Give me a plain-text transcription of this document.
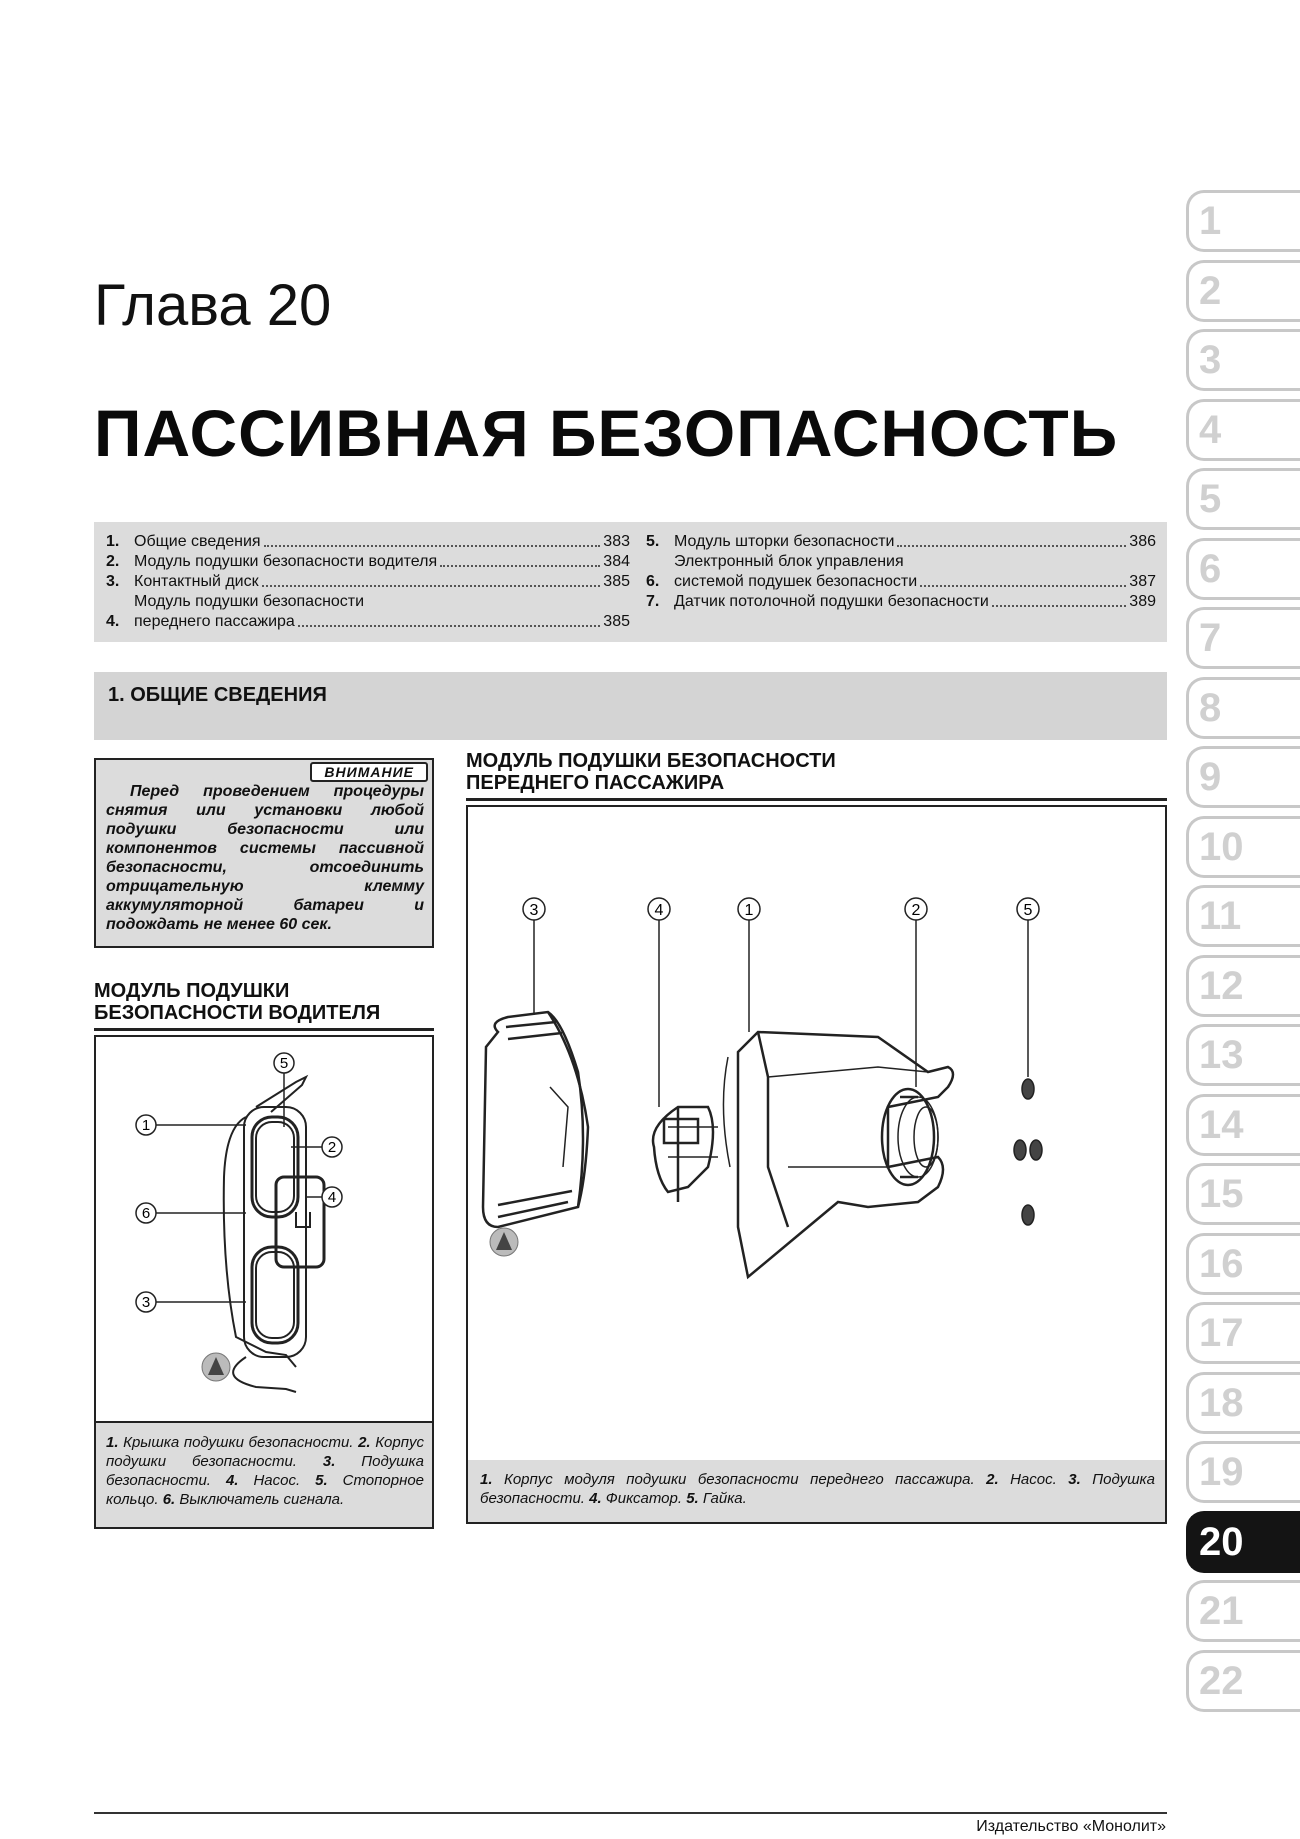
1
2
3
4
5
6
7
8
9
10
11
12
13
14
15
16
17
18
19
20
21
22
Глава 20
ПАССИВНАЯ БЕЗОПАСНОСТЬ
1. Общие сведения	383
2. Модуль подушки безопасности водителя	384
3. Контактный диск	385
4.
Модуль подушки безопасности
переднего пассажира	385
5. Модуль шторки безопасности	386
6.
Электронный блок управления
системой подушек безопасности	387
7. Датчик потолочной подушки безопасности	389
1. ОБЩИЕ СВЕДЕНИЯ
ВНИМАНИЕ
Перед проведением процедуры снятия или установки любой подушки безопасности или компонентов системы пассивной безопасности, отсоединить отрицательную клемму аккумуляторной батареи и подождать не менее 60 сек.
МОДУЛЬ ПОДУШКИ
БЕЗОПАСНОСТИ ВОДИТЕЛЯ
1
2
3
4
5
6
1. Крышка подушки безопасности. 2. Корпус подушки безопасности. 3. Подушка безопасности. 4. Насос. 5. Стопорное кольцо. 6. Выключатель сигнала.
МОДУЛЬ ПОДУШКИ БЕЗОПАСНОСТИ
ПЕРЕДНЕГО ПАССАЖИРА
3	4	1	2	5
1. Корпус модуля подушки безопасности переднего пассажира. 2. Насос. 3. Подушка безопасности. 4. Фиксатор. 5. Гайка.
Издательство «Монолит»
